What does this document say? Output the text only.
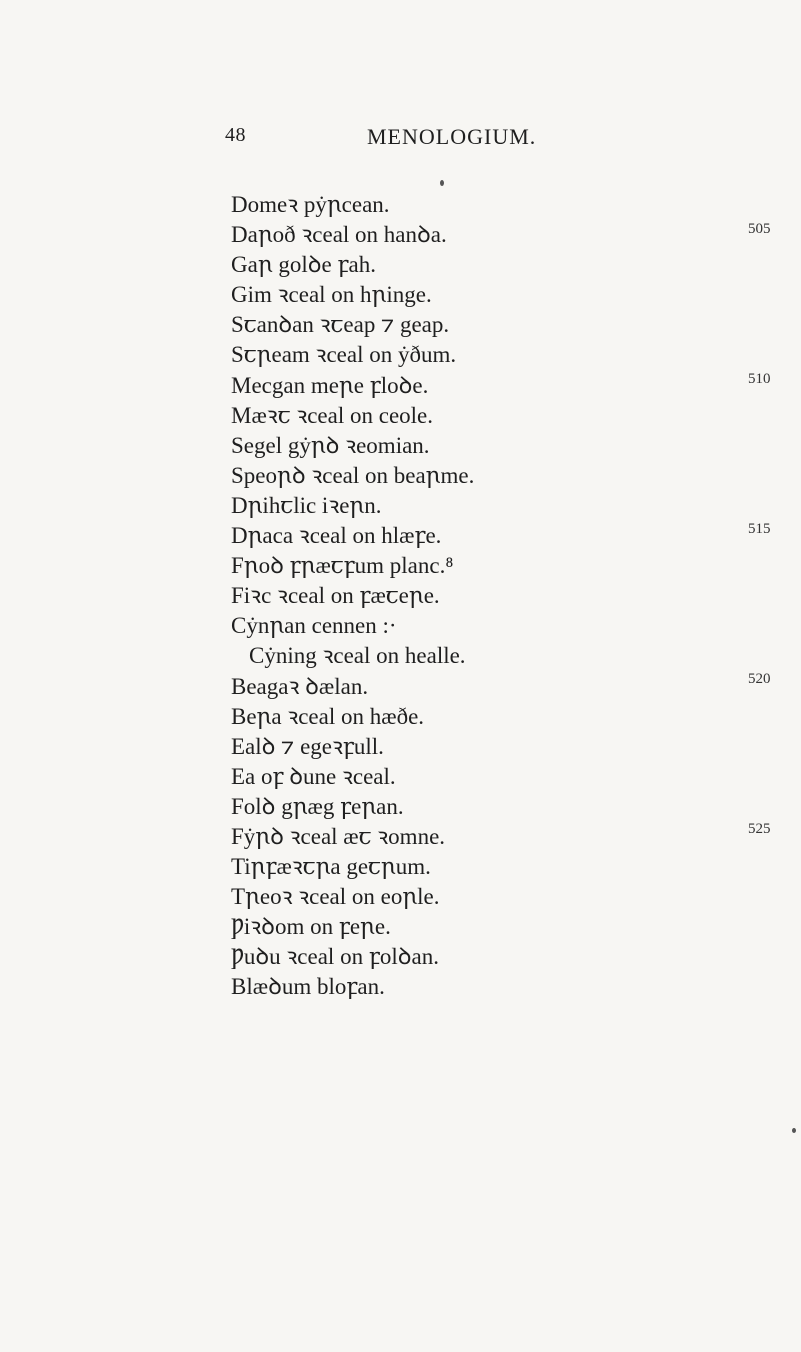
48	MENOLOGIUM.
Domeꝛ pẏꞃcean.
Daꞃoð ꝛceal on hanꝺa.
Gaꞃ golꝺe ꝼah.
Gim ꝛceal on hꞃinge.
Sꞇanꝺan ꝛꞇeap ⁊ geap.
Sꞇꞃeam ꝛceal on ẏðum.
Mecgan meꞃe ꝼloꝺe.
Mæꝛꞇ ꝛceal on ceole.
Segel gẏꞃꝺ ꝛeomian.
Speoꞃꝺ ꝛceal on beaꞃme.
Dꞃihꞇlic iꝛeꞃn.
Dꞃaca ꝛceal on hlæꝼe.
Fꞃoꝺ ꝼꞃæꞇꝼum planc.⁸
Fiꝛc ꝛceal on ꝼæꞇeꞃe.
Cẏnꞃan cennen :·
Cẏning ꝛceal on healle.
Beagaꝛ ꝺælan.
Beꞃa ꝛceal on hæðe.
Ealꝺ ⁊ egeꝛꝼull.
Ea oꝼ ꝺune ꝛceal.
Folꝺ gꞃæg ꝼeꞃan.
Fẏꞃꝺ ꝛceal æꞇ ꝛomne.
Tiꞃꝼæꝛꞇꞃa geꞇꞃum.
Tꞃeoꝛ ꝛceal on eoꞃle.
Ƿiꝛꝺom on ꝼeꞃe.
Ƿuꝺu ꝛceal on ꝼolꝺan.
Blæꝺum bloꝼan.
505
510
515
520
525
